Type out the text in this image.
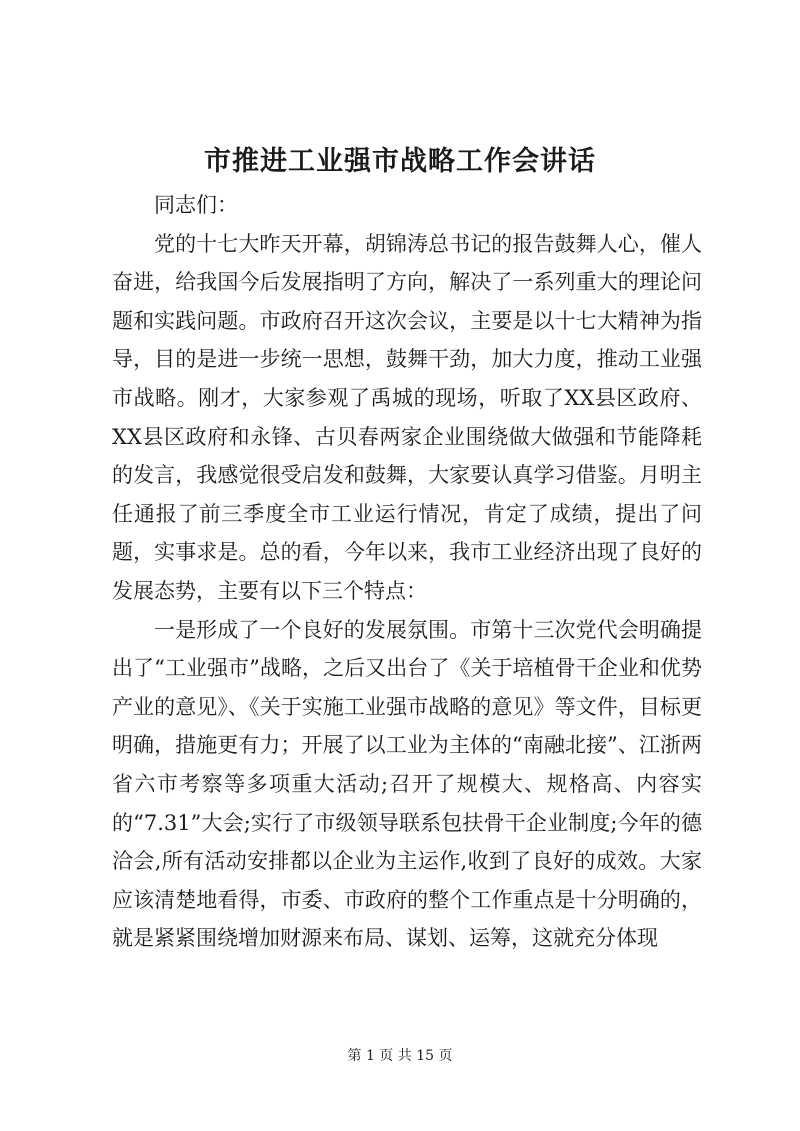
市推进工业强市战略工作会讲话

同志们：

党的十七大昨天开幕，胡锦涛总书记的报告鼓舞人心，催人奋进，给我国今后发展指明了方向，解决了一系列重大的理论问题和实践问题。市政府召开这次会议，主要是以十七大精神为指导，目的是进一步统一思想，鼓舞干劲，加大力度，推动工业强市战略。刚才，大家参观了禹城的现场，听取了XX县区政府、XX县区政府和永锋、古贝春两家企业围绕做大做强和节能降耗的发言，我感觉很受启发和鼓舞，大家要认真学习借鉴。月明主任通报了前三季度全市工业运行情况，肯定了成绩，提出了问题，实事求是。总的看，今年以来，我市工业经济出现了良好的发展态势，主要有以下三个特点：

一是形成了一个良好的发展氛围。市第十三次党代会明确提出了“工业强市”战略，之后又出台了《关于培植骨干企业和优势产业的意见》、《关于实施工业强市战略的意见》等文件，目标更明确，措施更有力；开展了以工业为主体的“南融北接”、江浙两省六市考察等多项重大活动;召开了规模大、规格高、内容实的“7.31”大会;实行了市级领导联系包扶骨干企业制度;今年的德洽会,所有活动安排都以企业为主运作,收到了良好的成效。大家应该清楚地看得，市委、市政府的整个工作重点是十分明确的，就是紧紧围绕增加财源来布局、谋划、运筹，这就充分体现

第 1 页 共 15 页
